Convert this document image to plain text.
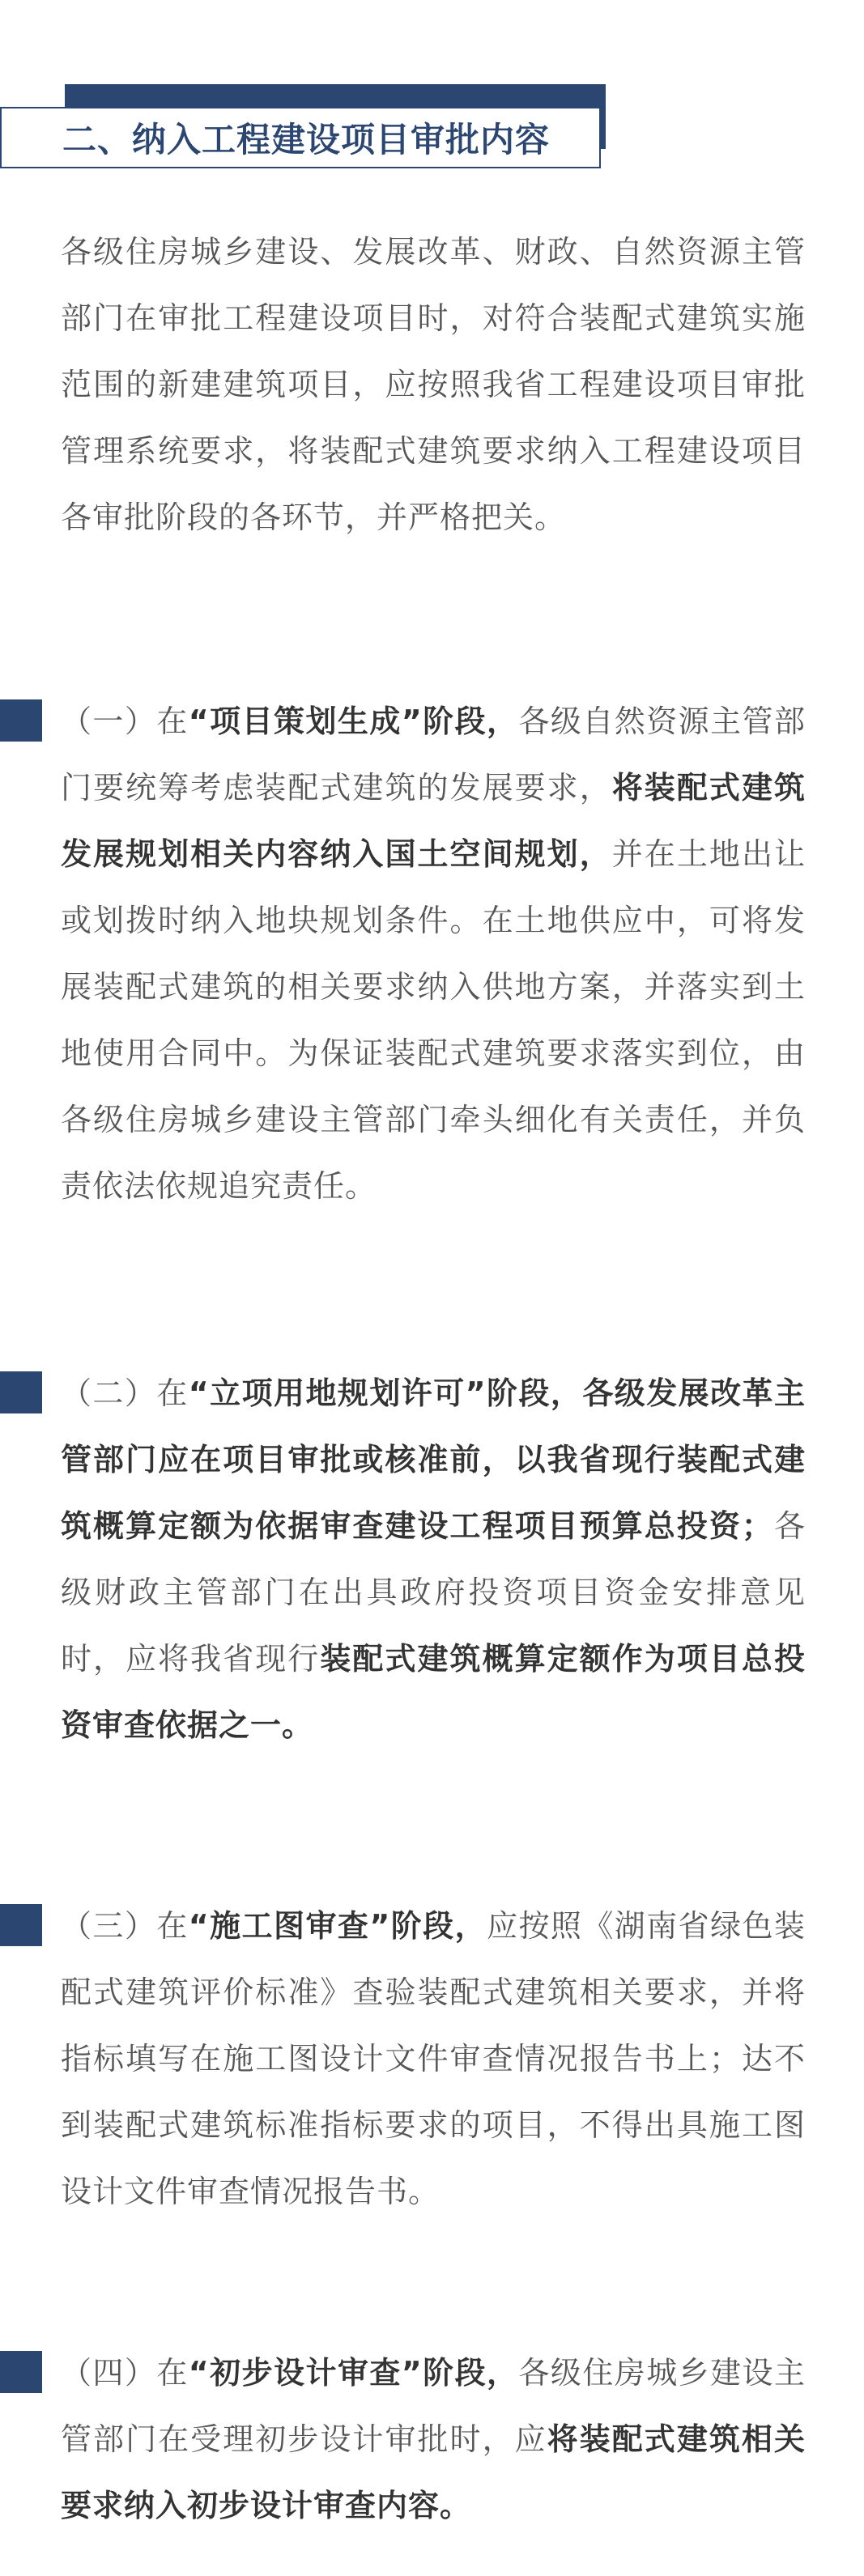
二、纳入工程建设项目审批内容
各级住房城乡建设、发展改革、财政、自然资源主管部门在审批工程建设项目时，对符合装配式建筑实施范围的新建建筑项目，应按照我省工程建设项目审批管理系统要求，将装配式建筑要求纳入工程建设项目各审批阶段的各环节，并严格把关。
（一）在“项目策划生成”阶段，各级自然资源主管部门要统筹考虑装配式建筑的发展要求，将装配式建筑发展规划相关内容纳入国土空间规划，并在土地出让或划拨时纳入地块规划条件。在土地供应中，可将发展装配式建筑的相关要求纳入供地方案，并落实到土地使用合同中。为保证装配式建筑要求落实到位，由各级住房城乡建设主管部门牵头细化有关责任，并负责依法依规追究责任。
（二）在“立项用地规划许可”阶段，各级发展改革主管部门应在项目审批或核准前，以我省现行装配式建筑概算定额为依据审查建设工程项目预算总投资；各级财政主管部门在出具政府投资项目资金安排意见时，应将我省现行装配式建筑概算定额作为项目总投资审查依据之一。
（三）在“施工图审查”阶段，应按照《湖南省绿色装配式建筑评价标准》查验装配式建筑相关要求，并将指标填写在施工图设计文件审查情况报告书上；达不到装配式建筑标准指标要求的项目，不得出具施工图设计文件审查情况报告书。
（四）在“初步设计审查”阶段，各级住房城乡建设主管部门在受理初步设计审批时，应将装配式建筑相关要求纳入初步设计审查内容。
